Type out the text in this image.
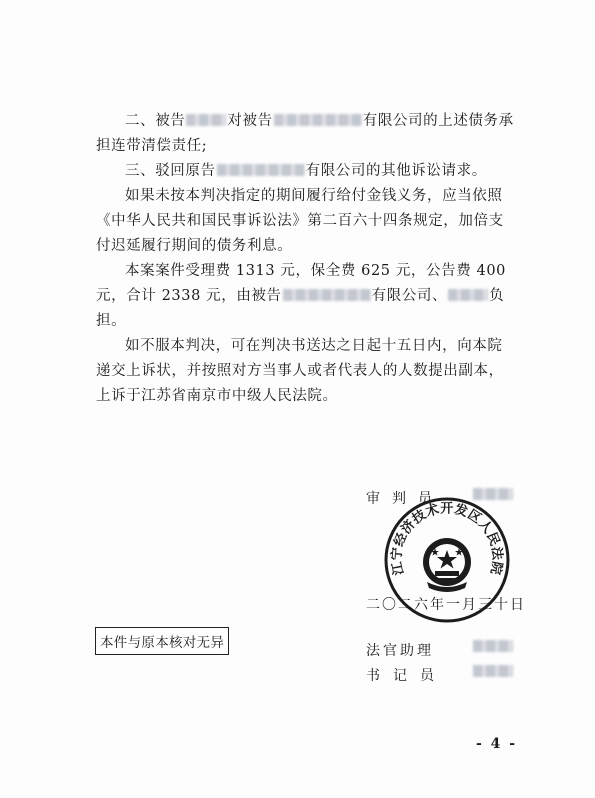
二、被告	对被告	有限公司的上述债务承担连带清偿责任;

三、驳回原告	有限公司的其他诉讼请求。

如果未按本判决指定的期间履行给付金钱义务，应当依照《中华人民共和国民事诉讼法》第二百六十四条规定，加倍支付迟延履行期间的债务利息。

本案案件受理费 1313 元，保全费 625 元，公告费 400 元，合计 2338 元，由被告	有限公司、	负担。

如不服本判决，可在判决书送达之日起十五日内，向本院递交上诉状，并按照对方当事人或者代表人的人数提出副本，上诉于江苏省南京市中级人民法院。

审判员
江宁经济技术开发区人民法院
二〇二六年一月三十日
本件与原本核对无异	法官助理
书记员
- 4 -
